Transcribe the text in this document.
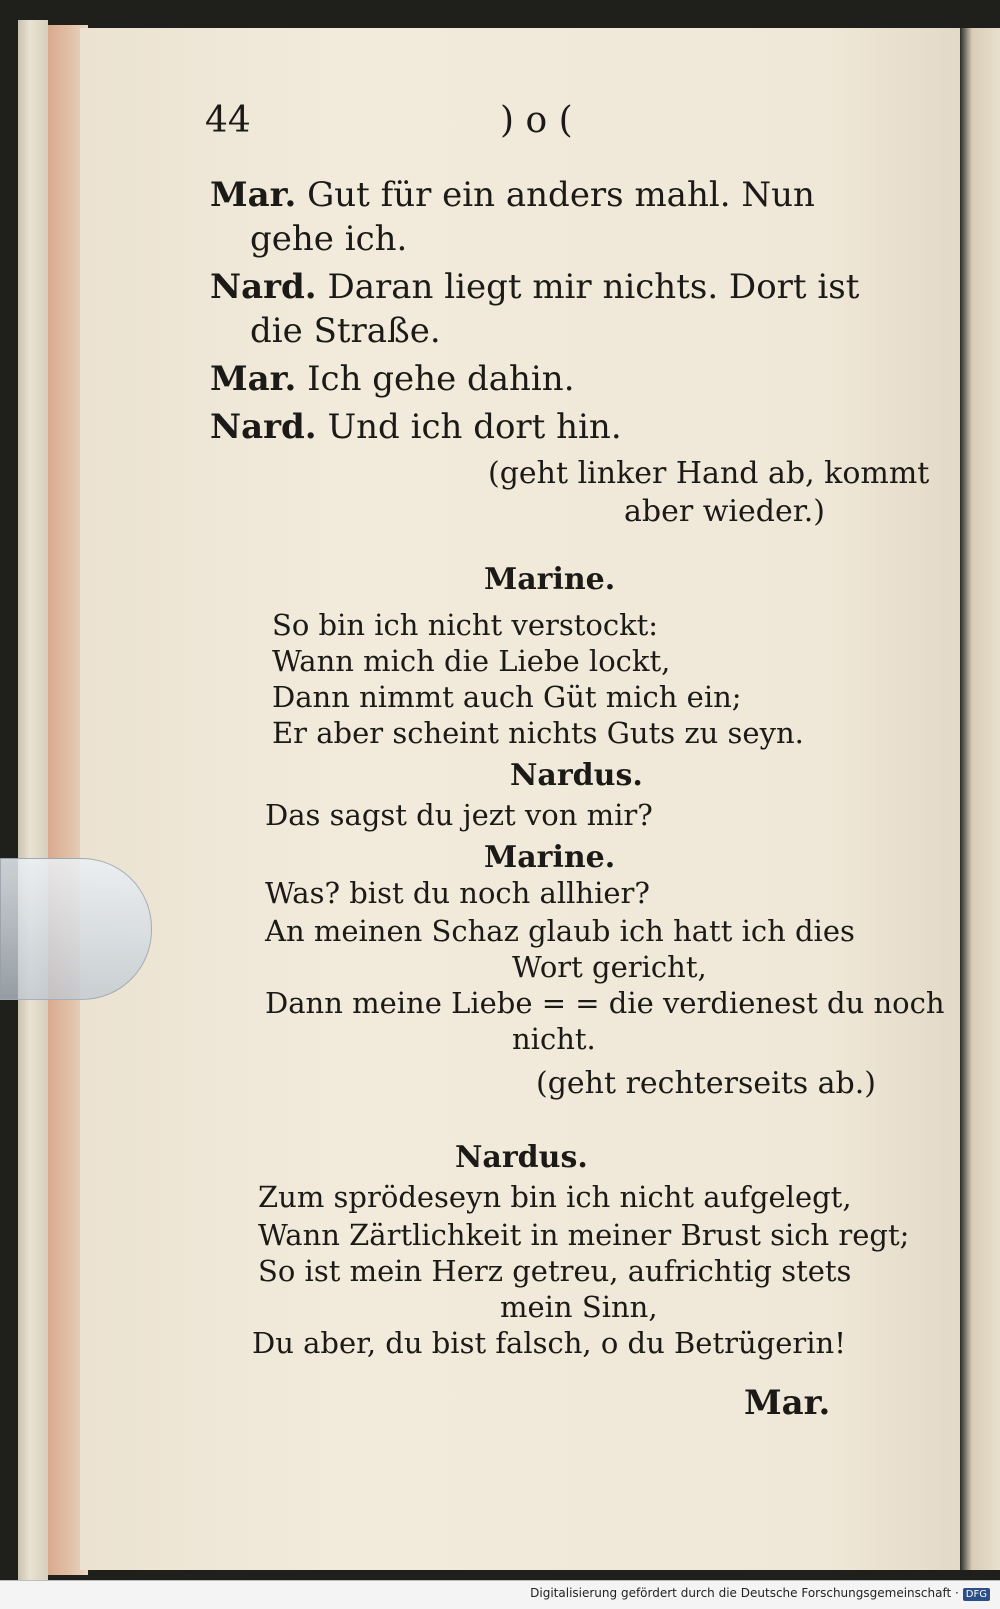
44	) o (
Mar. Gut für ein anders mahl. Nun
gehe ich.
Nard. Daran liegt mir nichts. Dort ist
die Straße.
Mar. Ich gehe dahin.
Nard. Und ich dort hin.
(geht linker Hand ab, kommt
aber wieder.)
Marine.
So bin ich nicht verstockt:
Wann mich die Liebe lockt,
Dann nimmt auch Güt mich ein;
Er aber scheint nichts Guts zu seyn.
Nardus.
Das sagst du jezt von mir?
Marine.
Was? bist du noch allhier?
An meinen Schaz glaub ich hatt ich dies
Wort gericht,
Dann meine Liebe = = die verdienest du noch
nicht.
(geht rechterseits ab.)
Nardus.
Zum sprödeseyn bin ich nicht aufgelegt,
Wann Zärtlichkeit in meiner Brust sich regt;
So ist mein Herz getreu, aufrichtig stets
mein Sinn,
Du aber, du bist falsch, o du Betrügerin!
Mar.
Digitalisierung gefördert durch die Deutsche Forschungsgemeinschaft · DFG
